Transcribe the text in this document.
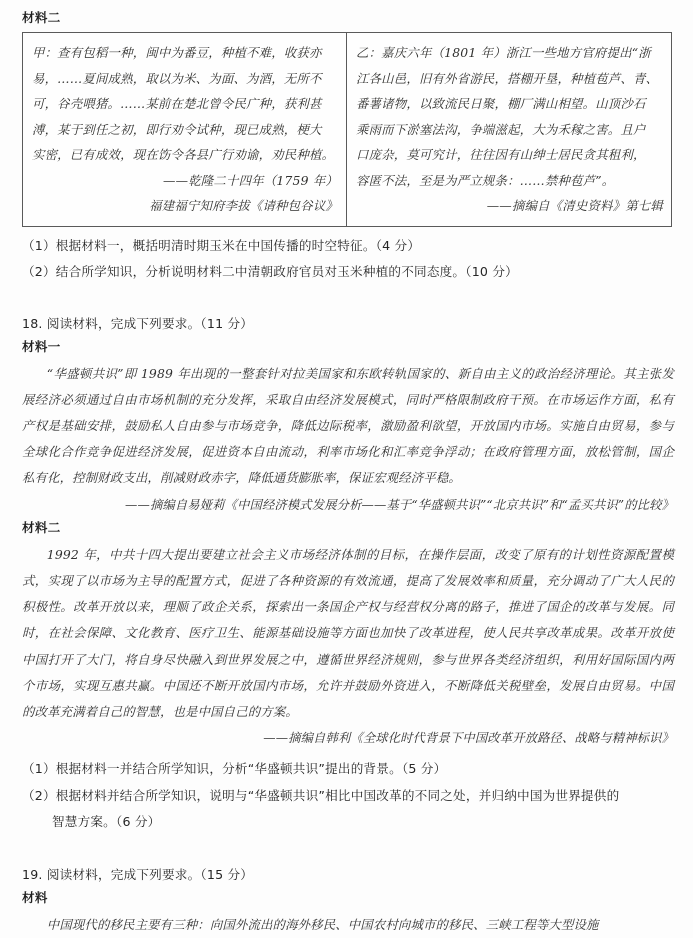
材料二
甲：查有包稻一种，闽中为番豆，种植不难，收获亦
易，……夏间成熟，取以为米、为面、为酒，无所不
可，谷壳喂猪。……某前在楚北曾令民广种，获利甚
溥，某于到任之初，即行劝令试种，现已成熟，梗大
实密，已有成效，现在饬令各县广行劝谕，劝民种植。
——乾隆二十四年（1759 年）
福建福宁知府李拔《请种包谷议》
乙：嘉庆六年（1801 年）浙江一些地方官府提出“浙
江各山邑，旧有外省游民，搭棚开垦，种植苞芦、青、
番薯诸物，以致流民日聚，棚厂满山相望。山顶沙石
乘雨而下淤塞法沟，争端滋起，大为禾稼之害。且户
口庞杂，莫可究计，往往因有山绅士居民贪其租利，
容匿不法，至是为严立规条：……禁种苞芦”。
——摘编自《清史资料》第七辑
（1）根据材料一，概括明清时期玉米在中国传播的时空特征。（4 分）
（2）结合所学知识，分析说明材料二中清朝政府官员对玉米种植的不同态度。（10 分）
18. 阅读材料，完成下列要求。（11 分）
材料一
“华盛顿共识”即 1989 年出现的一整套针对拉美国家和东欧转轨国家的、新自由主义的政治经济理论。其主张发展经济必须通过自由市场机制的充分发挥，采取自由经济发展模式，同时严格限制政府干预。在市场运作方面，私有产权是基础安排，鼓励私人自由参与市场竞争，降低边际税率，激励盈利欲望，开放国内市场。实施自由贸易，参与全球化合作竞争促进经济发展，促进资本自由流动，利率市场化和汇率竞争浮动；在政府管理方面，放松管制，国企私有化，控制财政支出，削减财政赤字，降低通货膨胀率，保证宏观经济平稳。
——摘编自易娅莉《中国经济模式发展分析——基于“华盛顿共识”“北京共识”和“孟买共识”的比较》
材料二
1992 年，中共十四大提出要建立社会主义市场经济体制的目标，在操作层面，改变了原有的计划性资源配置模式，实现了以市场为主导的配置方式，促进了各种资源的有效流通，提高了发展效率和质量，充分调动了广大人民的积极性。改革开放以来，理顺了政企关系，探索出一条国企产权与经营权分离的路子，推进了国企的改革与发展。同时，在社会保障、文化教育、医疗卫生、能源基础设施等方面也加快了改革进程，使人民共享改革成果。改革开放使中国打开了大门，将自身尽快融入到世界发展之中，遵循世界经济规则，参与世界各类经济组织，利用好国际国内两个市场，实现互惠共赢。中国还不断开放国内市场，允许并鼓励外资进入，不断降低关税壁垒，发展自由贸易。中国的改革充满着自己的智慧，也是中国自己的方案。
——摘编自韩利《全球化时代背景下中国改革开放路径、战略与精神标识》
（1）根据材料一并结合所学知识，分析“华盛顿共识”提出的背景。（5 分）
（2）根据材料并结合所学知识，说明与“华盛顿共识”相比中国改革的不同之处，并归纳中国为世界提供的
智慧方案。（6 分）
19. 阅读材料，完成下列要求。（15 分）
材料
中国现代的移民主要有三种：向国外流出的海外移民、中国农村向城市的移民、三峡工程等大型设施
